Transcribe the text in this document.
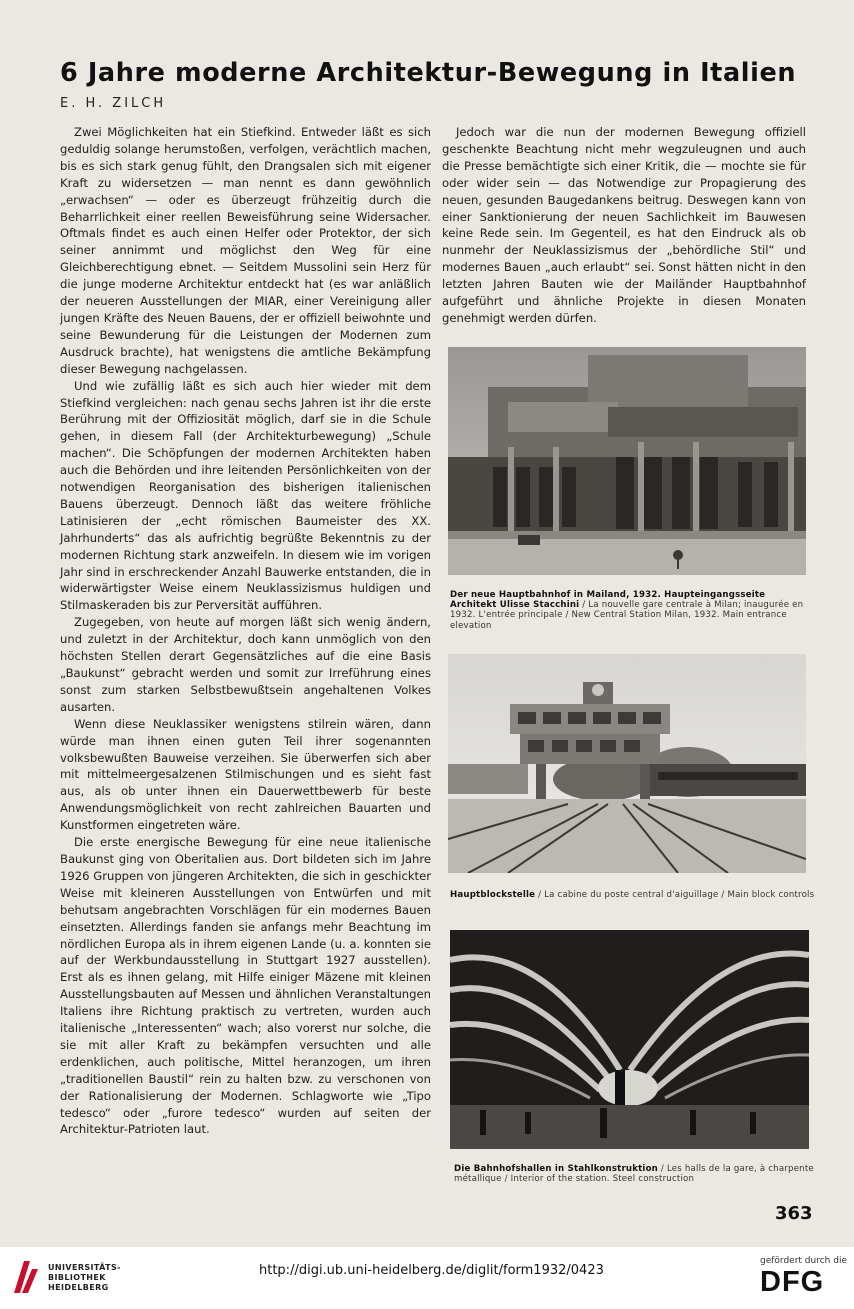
6 Jahre moderne Architektur-Bewegung in Italien
E. H. ZILCH

Zwei Möglichkeiten hat ein Stiefkind. Entweder läßt es sich geduldig solange herumstoßen, verfolgen, verächtlich machen, bis es sich stark genug fühlt, den Drangsalen sich mit eigener Kraft zu widersetzen — man nennt es dann gewöhnlich „erwachsen“ — oder es überzeugt frühzeitig durch die Beharrlichkeit einer reellen Beweisführung seine Widersacher. Oftmals findet es auch einen Helfer oder Protektor, der sich seiner annimmt und möglichst den Weg für eine Gleichberechtigung ebnet. — Seitdem Mussolini sein Herz für die junge moderne Architektur entdeckt hat (es war anläßlich der neueren Ausstellungen der MIAR, einer Vereinigung aller jungen Kräfte des Neuen Bauens, der er offiziell beiwohnte und seine Bewunderung für die Leistungen der Modernen zum Ausdruck brachte), hat wenigstens die amtliche Bekämpfung dieser Bewegung nachgelassen.

Und wie zufällig läßt es sich auch hier wieder mit dem Stiefkind vergleichen: nach genau sechs Jahren ist ihr die erste Berührung mit der Offiziosität möglich, darf sie in die Schule gehen, in diesem Fall (der Architekturbewegung) „Schule machen“. Die Schöpfungen der modernen Architekten haben auch die Behörden und ihre leitenden Persönlichkeiten von der notwendigen Reorganisation des bisherigen italienischen Bauens überzeugt. Dennoch läßt das weitere fröhliche Latinisieren der „echt römischen Baumeister des XX. Jahrhunderts“ das als aufrichtig begrüßte Bekenntnis zu der modernen Richtung stark anzweifeln. In diesem wie im vorigen Jahr sind in erschreckender Anzahl Bauwerke entstanden, die in widerwärtigster Weise einem Neuklassizismus huldigen und Stilmaskeraden bis zur Perversität aufführen.

Zugegeben, von heute auf morgen läßt sich wenig ändern, und zuletzt in der Architektur, doch kann unmöglich von den höchsten Stellen derart Gegensätzliches auf die eine Basis „Baukunst“ gebracht werden und somit zur Irreführung eines sonst zum starken Selbstbewußtsein angehaltenen Volkes ausarten.

Wenn diese Neuklassiker wenigstens stilrein wären, dann würde man ihnen einen guten Teil ihrer sogenannten volksbewußten Bauweise verzeihen. Sie überwerfen sich aber mit mittelmeergesalzenen Stilmischungen und es sieht fast aus, als ob unter ihnen ein Dauerwettbewerb für beste Anwendungsmöglichkeit von recht zahlreichen Bauarten und Kunstformen eingetreten wäre.

Die erste energische Bewegung für eine neue italienische Baukunst ging von Oberitalien aus. Dort bildeten sich im Jahre 1926 Gruppen von jüngeren Architekten, die sich in geschickter Weise mit kleineren Ausstellungen von Entwürfen und mit behutsam angebrachten Vorschlägen für ein modernes Bauen einsetzten. Allerdings fanden sie anfangs mehr Beachtung im nördlichen Europa als in ihrem eigenen Lande (u. a. konnten sie auf der Werkbundausstellung in Stuttgart 1927 ausstellen). Erst als es ihnen gelang, mit Hilfe einiger Mäzene mit kleinen Ausstellungsbauten auf Messen und ähnlichen Veranstaltungen Italiens ihre Richtung praktisch zu vertreten, wurden auch italienische „Interessenten“ wach; also vorerst nur solche, die sie mit aller Kraft zu bekämpfen versuchten und alle erdenklichen, auch politische, Mittel heranzogen, um ihren „traditionellen Baustil“ rein zu halten bzw. zu verschonen von der Rationalisierung der Modernen. Schlagworte wie „Tipo tedesco“ oder „furore tedesco“ wurden auf seiten der Architektur-Patrioten laut.

Jedoch war die nun der modernen Bewegung offiziell geschenkte Beachtung nicht mehr wegzuleugnen und auch die Presse bemächtigte sich einer Kritik, die — mochte sie für oder wider sein — das Notwendige zur Propagierung des neuen, gesunden Baugedankens beitrug. Deswegen kann von einer Sanktionierung der neuen Sachlichkeit im Bauwesen keine Rede sein. Im Gegenteil, es hat den Eindruck als ob nunmehr der Neuklassizismus der „behördliche Stil“ und modernes Bauen „auch erlaubt“ sei. Sonst hätten nicht in den letzten Jahren Bauten wie der Mailänder Hauptbahnhof aufgeführt und ähnliche Projekte in diesen Monaten genehmigt werden dürfen.

Der neue Hauptbahnhof in Mailand, 1932. Haupteingangsseite Architekt Ulisse Stacchini / La nouvelle gare centrale à Milan; inaugurée en 1932. L'entrée principale / New Central Station Milan, 1932. Main entrance elevation
Hauptblockstelle / La cabine du poste central d'aiguillage / Main block controls
Die Bahnhofshallen in Stahlkonstruktion / Les halls de la gare, à charpente métallique / Interior of the station. Steel construction
363
UNIVERSITÄTS-
BIBLIOTHEK
HEIDELBERG
http://digi.ub.uni-heidelberg.de/diglit/form1932/0423
gefördert durch die
DFG
